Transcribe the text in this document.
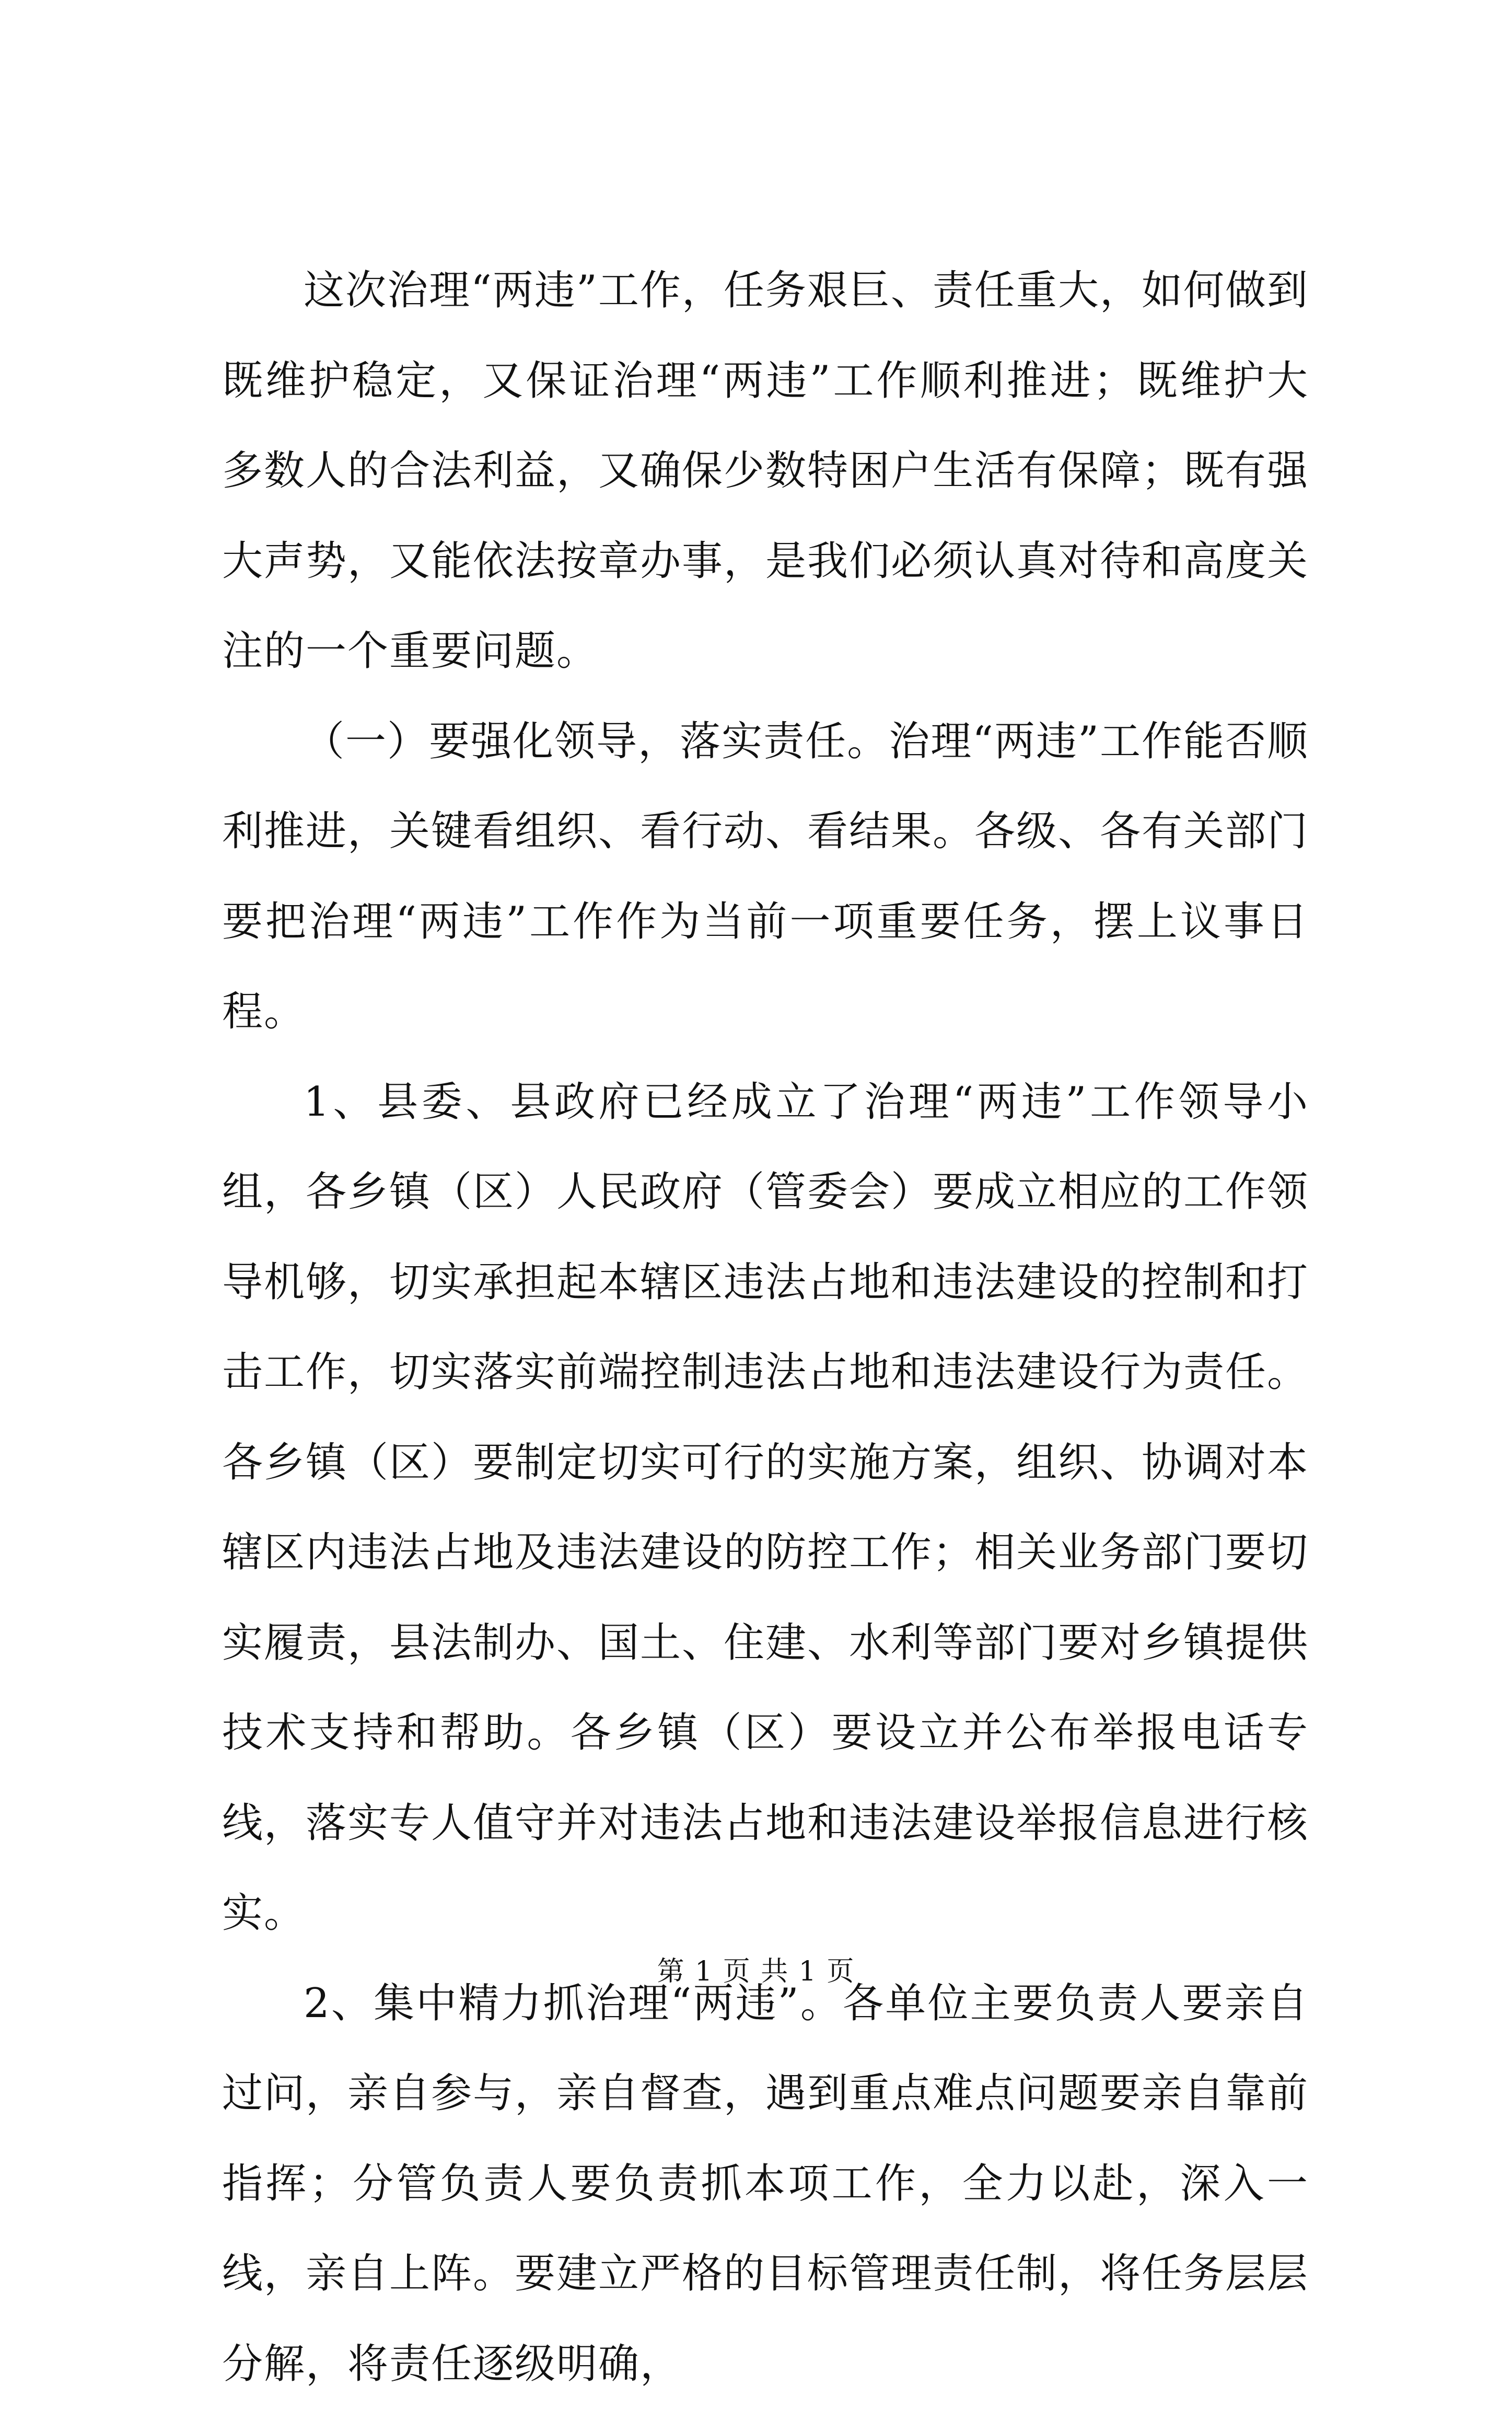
这次治理“两违”工作，任务艰巨、责任重大，如何做到既维护稳定，又保证治理“两违”工作顺利推进；既维护大多数人的合法利益，又确保少数特困户生活有保障；既有强大声势，又能依法按章办事，是我们必须认真对待和高度关注的一个重要问题。

（一）要强化领导，落实责任。治理“两违”工作能否顺利推进，关键看组织、看行动、看结果。各级、各有关部门要把治理“两违”工作作为当前一项重要任务，摆上议事日程。

1、县委、县政府已经成立了治理“两违”工作领导小组，各乡镇（区）人民政府（管委会）要成立相应的工作领导机够，切实承担起本辖区违法占地和违法建设的控制和打击工作，切实落实前端控制违法占地和违法建设行为责任。各乡镇（区）要制定切实可行的实施方案，组织、协调对本辖区内违法占地及违法建设的防控工作；相关业务部门要切实履责，县法制办、国土、住建、水利等部门要对乡镇提供技术支持和帮助。各乡镇（区）要设立并公布举报电话专线，落实专人值守并对违法占地和违法建设举报信息进行核实。

2、集中精力抓治理“两违”。各单位主要负责人要亲自过问，亲自参与，亲自督查，遇到重点难点问题要亲自靠前指挥；分管负责人要负责抓本项工作，全力以赴，深入一线，亲自上阵。要建立严格的目标管理责任制，将任务层层分解，将责任逐级明确，

第 1 页 共 1 页
